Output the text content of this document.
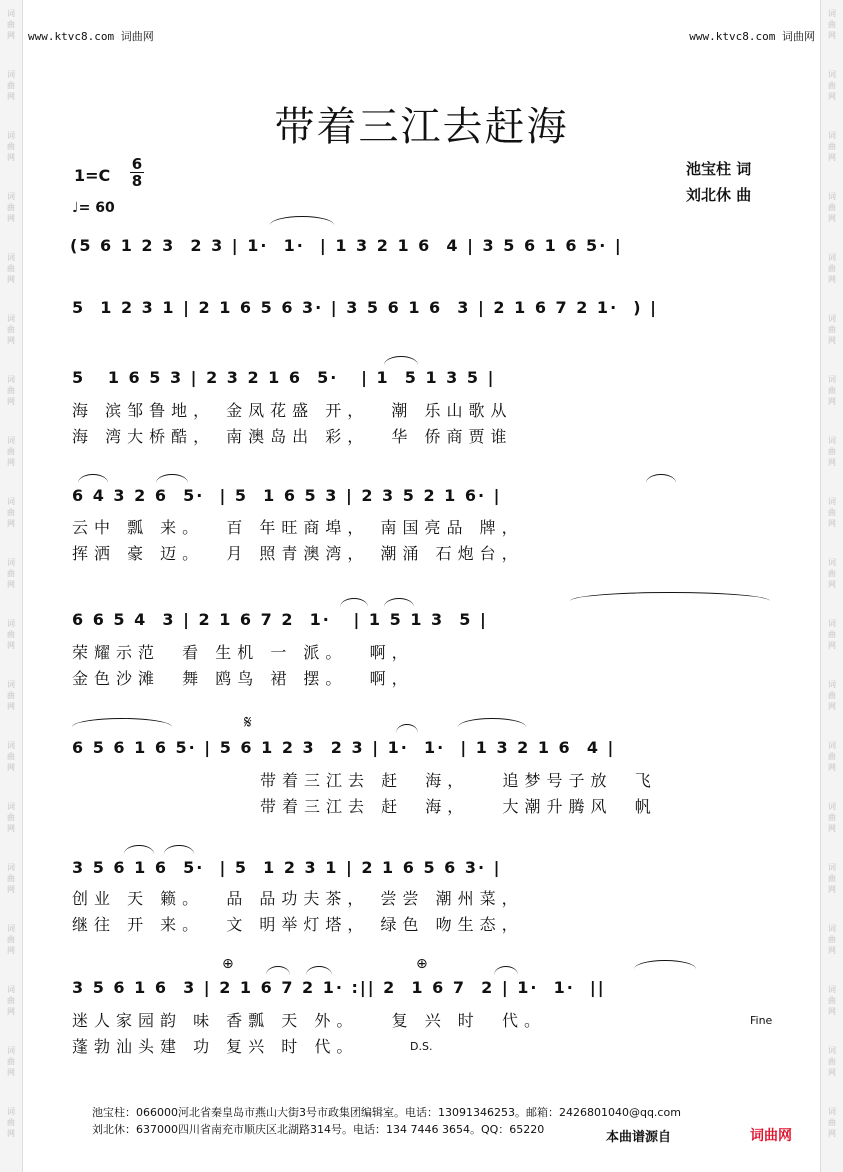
词
曲
网
词
曲
网
词
曲
网
词
曲
网
词
曲
网
词
曲
网
词
曲
网
词
曲
网
词
曲
网
词
曲
网
词
曲
网
词
曲
网
词
曲
网
词
曲
网
词
曲
网
词
曲
网
词
曲
网
词
曲
网
词
曲
网
词
曲
网
词
曲
网
词
曲
网
词
曲
网
词
曲
网
词
曲
网
词
曲
网
词
曲
网
词
曲
网
词
曲
网
词
曲
网
词
曲
网
词
曲
网
词
曲
网
词
曲
网
词
曲
网
词
曲
网
词
曲
网
词
曲
网
www.ktvc8.com 词曲网	www.ktvc8.com 词曲网
带着三江去赶海
$1=C \frac{6}{8}$
♩= 60
池宝柱 词
刘北休 曲
(5 6 1 2 3  2 3 | 1·  1·  | 1 3 2 1 6  4 | 3 5 6 1 6 5· |
5  1 2 3 1 | 2 1 6 5 6 3· | 3 5 6 1 6  3 | 2 1 6 7 2 1·  ) |
5   1 6 5 3 | 2 3 2 1 6  5·   | 1  5 1 3 5 |
海 滨邹鲁地， 金凤花盛 开，  潮 乐山歌从
海 湾大桥酷， 南澳岛出 彩，  华 侨商贾谁
6 4 3 2 6  5·  | 5  1 6 5 3 | 2 3 5 2 1 6· |
云中 瓢 来。  百 年旺商埠， 南国亮品 牌，
挥洒 豪 迈。  月 照青澳湾， 潮涌 石炮台，
6 6 5 4  3 | 2 1 6 7 2  1·   | 1 5 1 3  5 |
荣耀示范  看 生机 一 派。  啊，
金色沙滩  舞 鸥鸟 裙 摆。  啊，
𝄋
6 5 6 1 6 5· | 5 6 1 2 3  2 3 | 1·  1·  | 1 3 2 1 6  4 |
带着三江去 赶  海，   追梦号子放  飞
带着三江去 赶  海，   大潮升腾风  帆
3 5 6 1 6  5·  | 5  1 2 3 1 | 2 1 6 5 6 3· |
创业 天 籁。  品 品功夫茶， 尝尝 潮州菜，
继往 开 来。  文 明举灯塔， 绿色 吻生态，
⊕	⊕
3 5 6 1 6  3 | 2 1 6 7 2 1· :|| 2  1 6 7  2 | 1·  1·  ||
迷人家园韵 味 香瓢 天 外。   复 兴 时  代。
蓬勃汕头建 功 复兴 时 代。
Fine
D.S.
池宝柱：066000河北省秦皇岛市燕山大街3号市政集团编辑室。电话：13091346253。邮箱：2426801040@qq.com
刘北休：637000四川省南充市顺庆区北湖路314号。电话：134 7446 3654。QQ：65220
本曲谱源自	词曲网
